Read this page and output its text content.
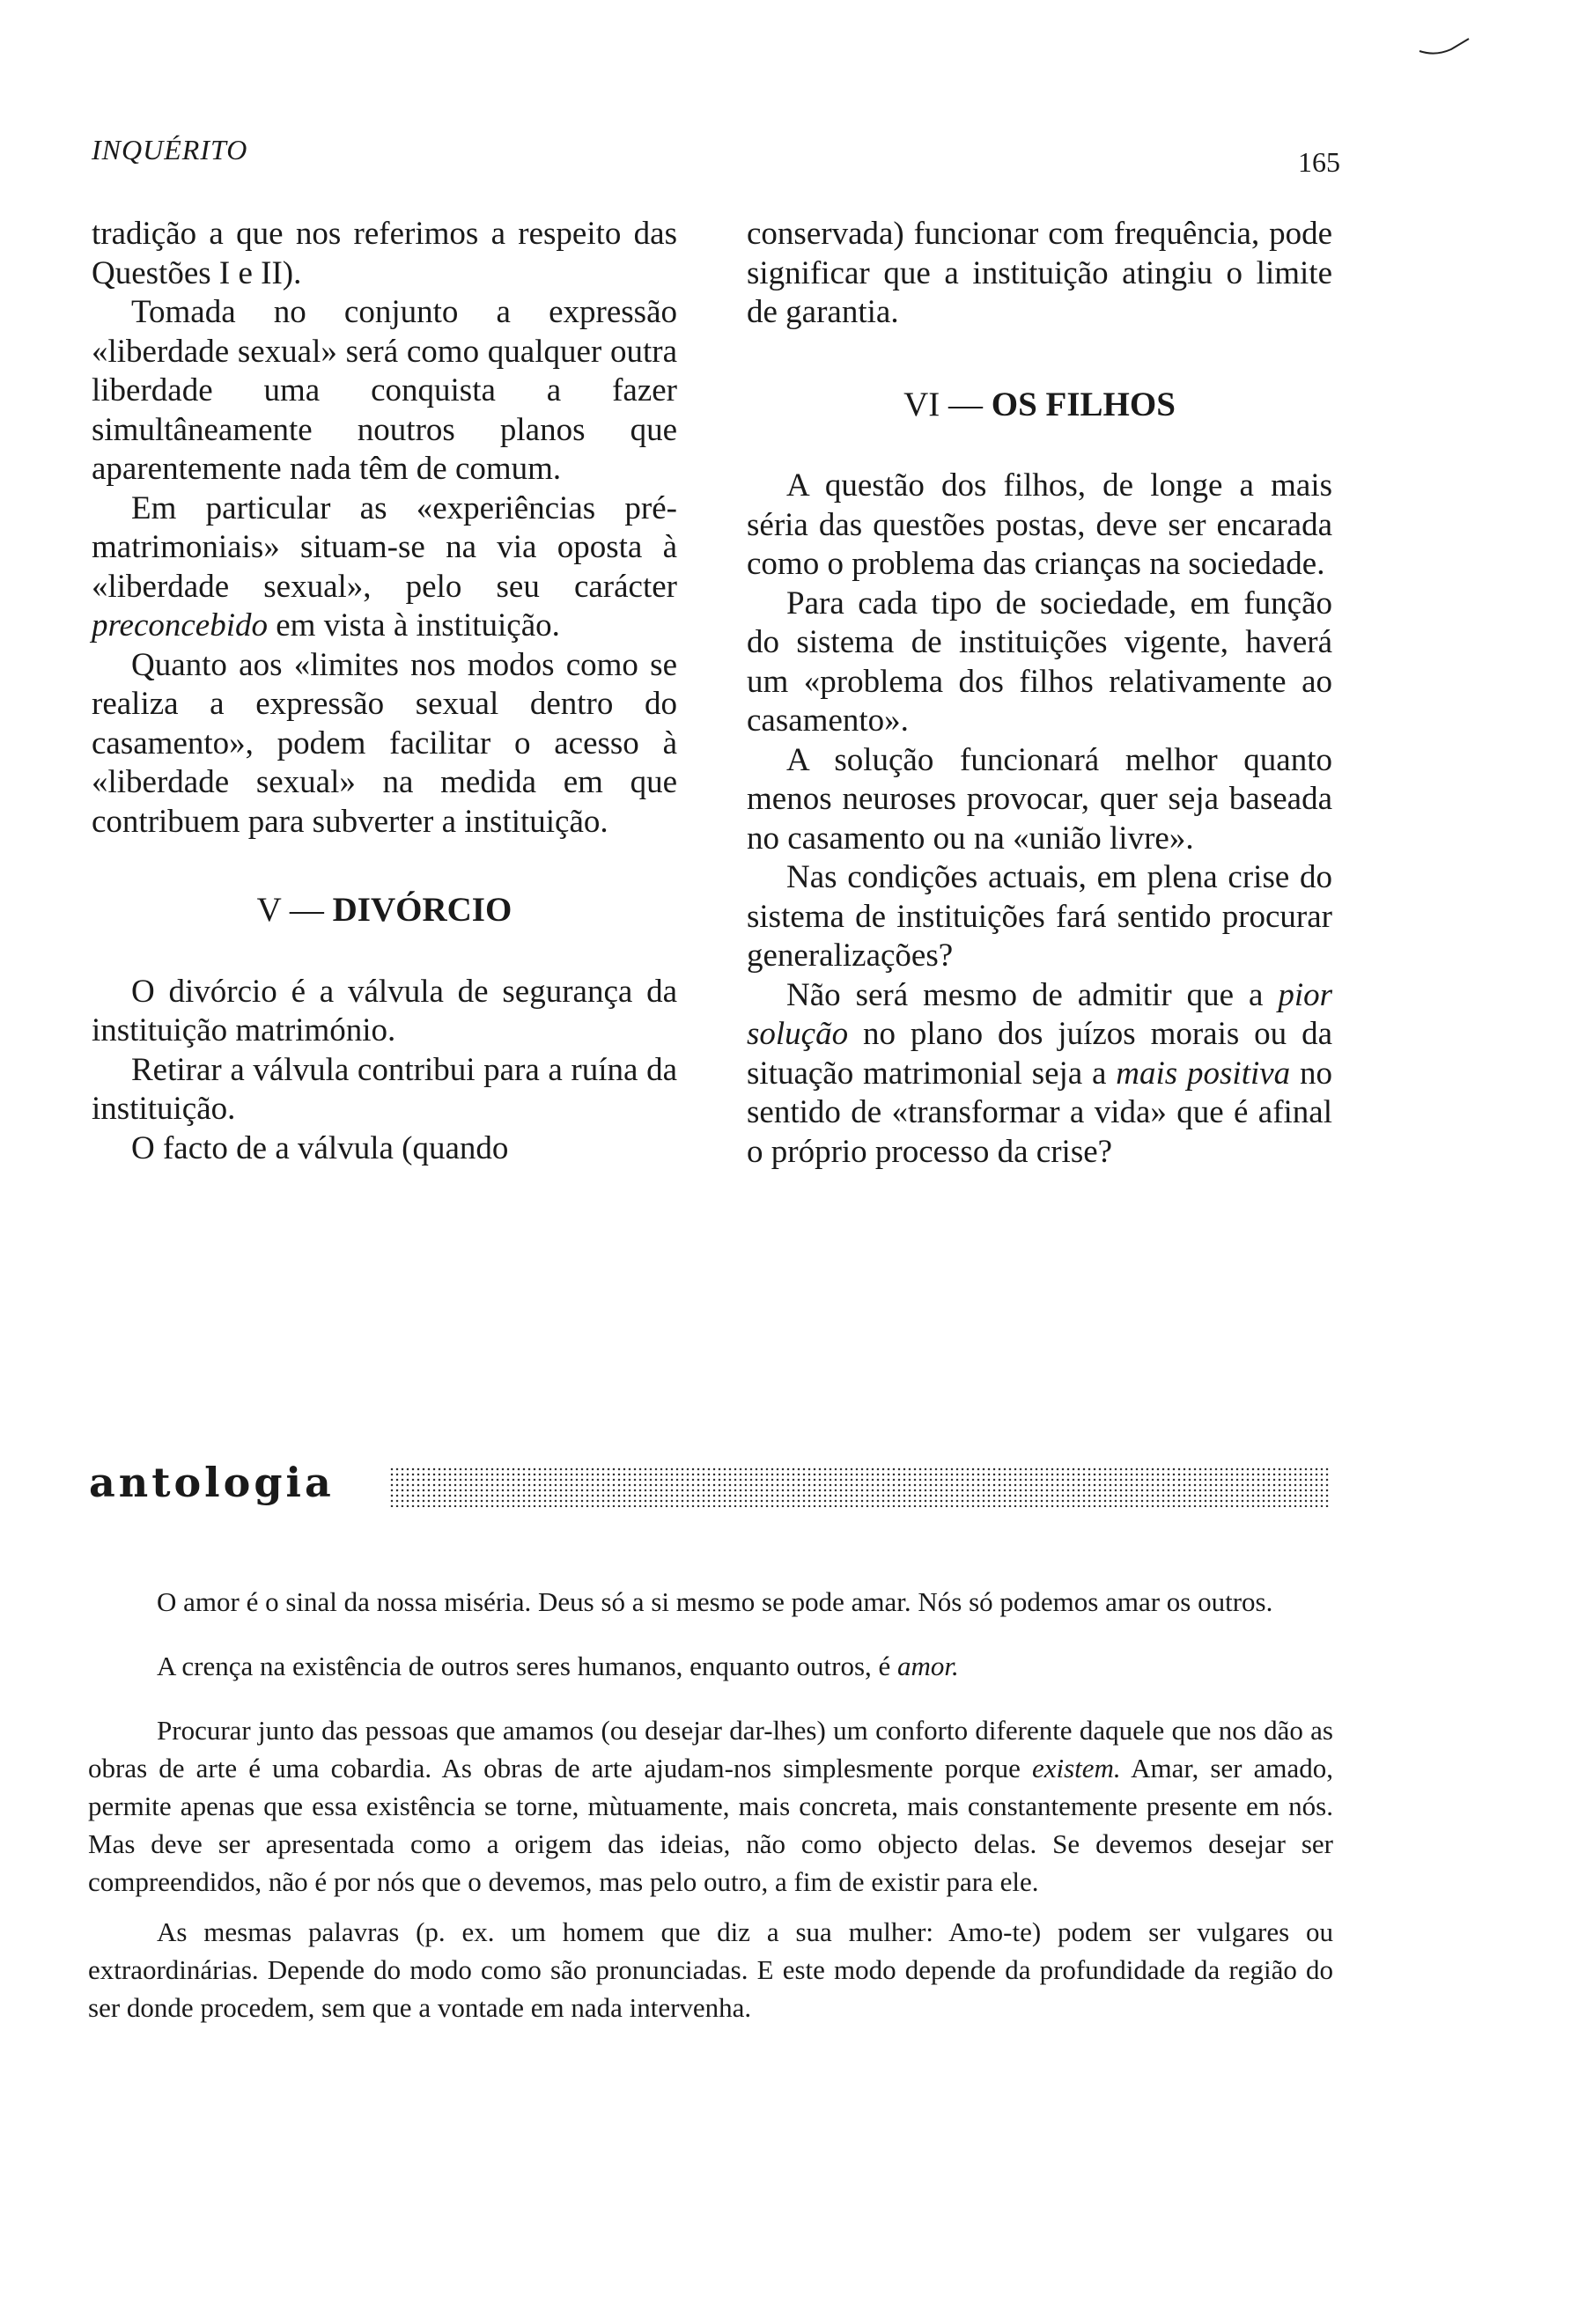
INQUÉRITO	165

tradição a que nos referimos a respeito das Questões I e II).

Tomada no conjunto a expressão «liberdade sexual» será como qualquer outra liberdade uma conquista a fazer simultâneamente noutros planos que aparentemente nada têm de comum.

Em particular as «experiências pré-matrimoniais» situam-se na via oposta à «liberdade sexual», pelo seu carácter preconcebido em vista à instituição.

Quanto aos «limites nos modos como se realiza a expressão sexual dentro do casamento», podem facilitar o acesso à «liberdade sexual» na medida em que contribuem para subverter a instituição.

V — DIVÓRCIO

O divórcio é a válvula de segurança da instituição matrimónio.

Retirar a válvula contribui para a ruína da instituição.

O facto de a válvula (quando

conservada) funcionar com frequência, pode significar que a instituição atingiu o limite de garantia.

VI — OS FILHOS

A questão dos filhos, de longe a mais séria das questões postas, deve ser encarada como o problema das crianças na sociedade.

Para cada tipo de sociedade, em função do sistema de instituições vigente, haverá um «problema dos filhos relativamente ao casamento».

A solução funcionará melhor quanto menos neuroses provocar, quer seja baseada no casamento ou na «união livre».

Nas condições actuais, em plena crise do sistema de instituições fará sentido procurar generalizações?

Não será mesmo de admitir que a pior solução no plano dos juízos morais ou da situação matrimonial seja a mais positiva no sentido de «transformar a vida» que é afinal o próprio processo da crise?

antologia

O amor é o sinal da nossa miséria. Deus só a si mesmo se pode amar. Nós só podemos amar os outros.

A crença na existência de outros seres humanos, enquanto outros, é amor.

Procurar junto das pessoas que amamos (ou desejar dar-lhes) um conforto diferente daquele que nos dão as obras de arte é uma cobardia. As obras de arte ajudam-nos simplesmente porque existem. Amar, ser amado, permite apenas que essa existência se torne, mùtuamente, mais concreta, mais constantemente presente em nós. Mas deve ser apresentada como a origem das ideias, não como objecto delas. Se devemos desejar ser compreendidos, não é por nós que o devemos, mas pelo outro, a fim de existir para ele.

As mesmas palavras (p. ex. um homem que diz a sua mulher: Amo-te) podem ser vulgares ou extraordinárias. Depende do modo como são pronunciadas. E este modo depende da profundidade da região do ser donde procedem, sem que a vontade em nada intervenha.
